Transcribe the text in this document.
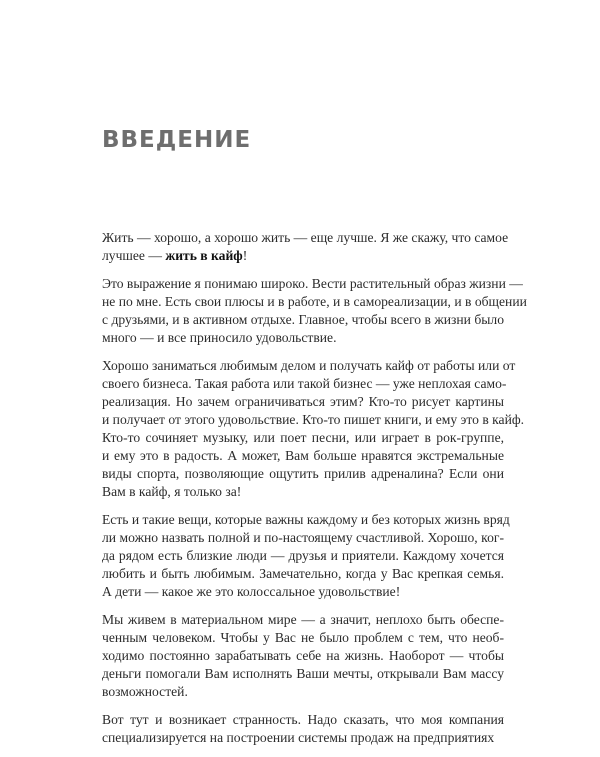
ВВЕДЕНИЕ

Жить — хорошо, а хорошо жить — еще лучше. Я же скажу, что самое
лучшее — жить в кайф!

Это выражение я понимаю широко. Вести растительный образ жизни —
не по мне. Есть свои плюсы и в работе, и в самореализации, и в общении
с друзьями, и в активном отдыхе. Главное, чтобы всего в жизни было
много — и все приносило удовольствие.

Хорошо заниматься любимым делом и получать кайф от работы или от
своего бизнеса. Такая работа или такой бизнес — уже неплохая само-
реализация. Но зачем ограничиваться этим? Кто-то рисует картины
и получает от этого удовольствие. Кто-то пишет книги, и ему это в кайф.
Кто-то сочиняет музыку, или поет песни, или играет в рок-группе,
и ему это в радость. А может, Вам больше нравятся экстремальные
виды спорта, позволяющие ощутить прилив адреналина? Если они
Вам в кайф, я только за!

Есть и такие вещи, которые важны каждому и без которых жизнь вряд
ли можно назвать полной и по-настоящему счастливой. Хорошо, ког-
да рядом есть близкие люди — друзья и приятели. Каждому хочется
любить и быть любимым. Замечательно, когда у Вас крепкая семья.
А дети — какое же это колоссальное удовольствие!

Мы живем в материальном мире — а значит, неплохо быть обеспе-
ченным человеком. Чтобы у Вас не было проблем с тем, что необ-
ходимо постоянно зарабатывать себе на жизнь. Наоборот — чтобы
деньги помогали Вам исполнять Ваши мечты, открывали Вам массу
возможностей.

Вот тут и возникает странность. Надо сказать, что моя компания
специализируется на построении системы продаж на предприятиях
